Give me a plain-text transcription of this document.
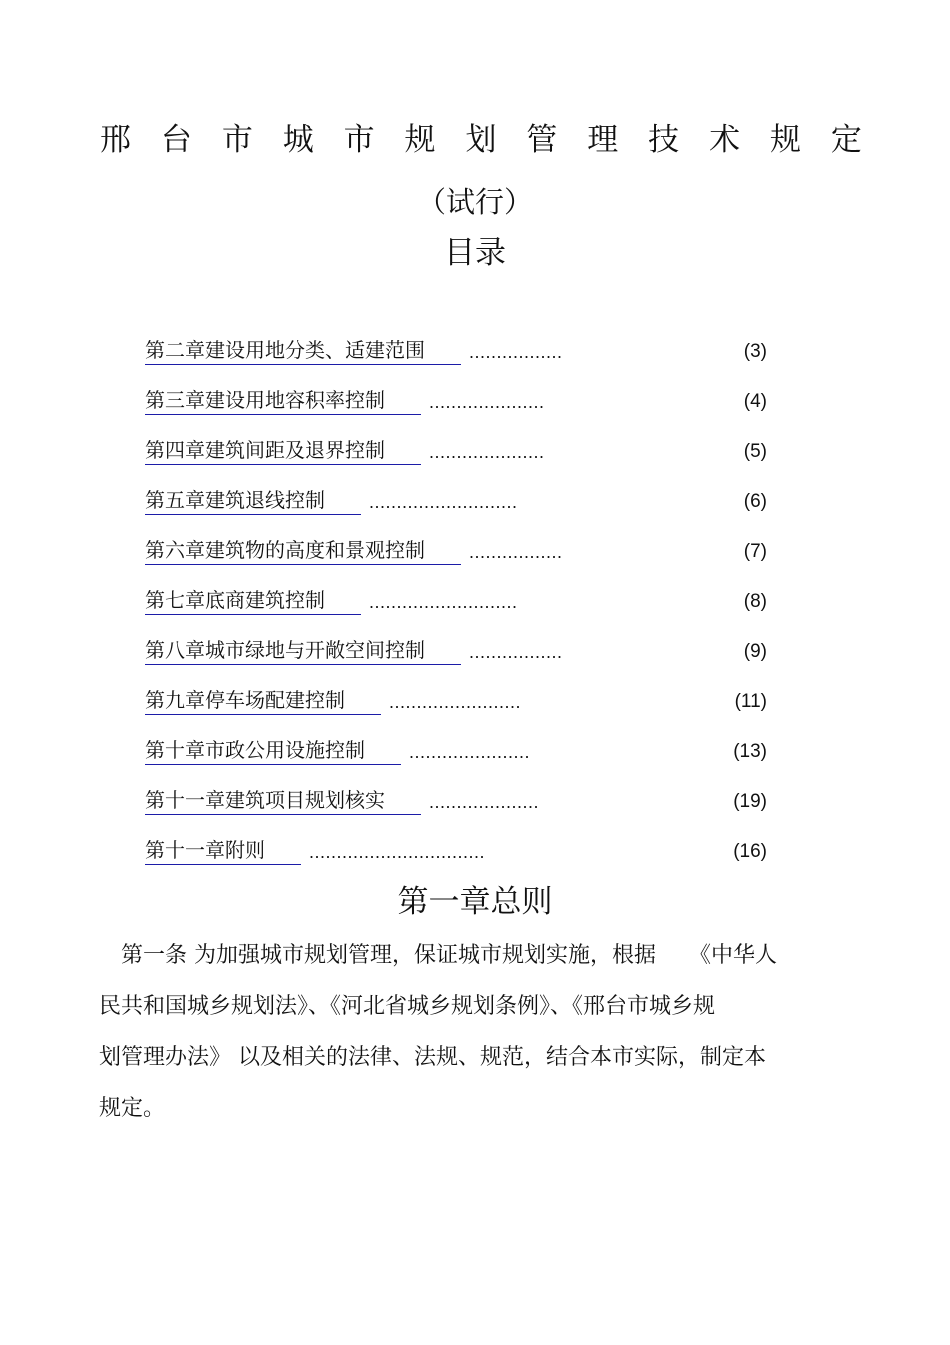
邢 台 市 城 市 规 划 管 理 技 术 规 定
（试行）
目录
第二章建设用地分类、适建范围	.................	(3)
第三章建设用地容积率控制	.....................	(4)
第四章建筑间距及退界控制	.....................	(5)
第五章建筑退线控制	...........................	(6)
第六章建筑物的高度和景观控制	.................	(7)
第七章底商建筑控制	...........................	(8)
第八章城市绿地与开敞空间控制	.................	(9)
第九章停车场配建控制	........................	(11)
第十章市政公用设施控制	......................	(13)
第十一章建筑项目规划核实	....................	(19)
第十一章附则	................................	(16)
第一章总则
　第一条 为加强城市规划管理，保证城市规划实施，根据　　《中华人
民共和国城乡规划法》、《河北省城乡规划条例》、《邢台市城乡规
划管理办法》 以及相关的法律、法规、规范，结合本市实际，制定本
规定。
